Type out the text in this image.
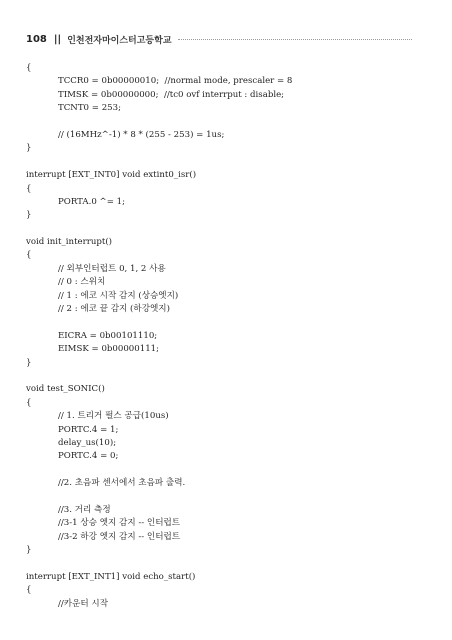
108 || 인천전자마이스터고등학교
{
TCCR0 = 0b00000010;  //normal mode, prescaler = 8
TIMSK = 0b00000000;  //tc0 ovf interrput : disable;
TCNT0 = 253;
// (16MHz^-1) * 8 * (255 - 253) = 1us;
}
interrupt [EXT_INT0] void extint0_isr()
{
PORTA.0 ^= 1;
}
void init_interrupt()
{
// 외부인터럽트 0, 1, 2 사용
// 0 : 스위치
// 1 : 에코 시작 감지 (상승엣지)
// 2 : 에코 끝 감지 (하강엣지)
EICRA = 0b00101110;
EIMSK = 0b00000111;
}
void test_SONIC()
{
// 1. 트리거 펄스 공급(10us)
PORTC.4 = 1;
delay_us(10);
PORTC.4 = 0;
//2. 초음파 센서에서 초음파 출력.
//3. 거리 측정
//3-1 상승 엣지 감지 -- 인터럽트
//3-2 하강 엣지 감지 -- 인터럽트
}
interrupt [EXT_INT1] void echo_start()
{
//카운터 시작
